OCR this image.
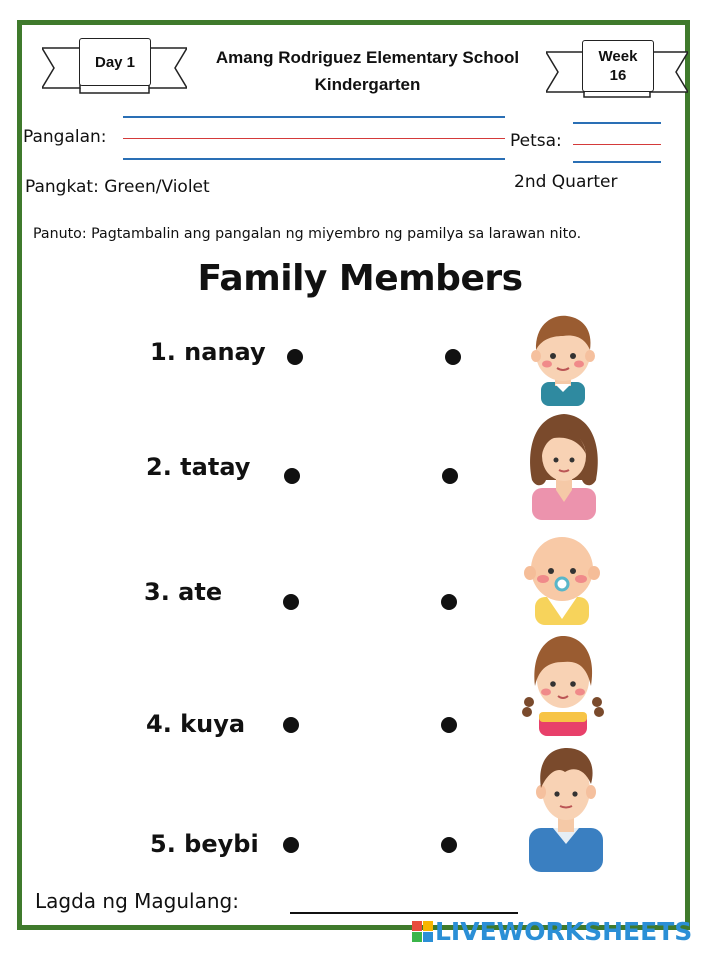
Day 1	Week
16
Amang Rodriguez Elementary School
Kindergarten
Pangalan:	Petsa:
Pangkat: Green/Violet	2nd Quarter
Panuto: Pagtambalin ang pangalan ng miyembro ng pamilya sa larawan nito.
Family Members
1. nanay
2. tatay
3. ate
4. kuya
5. beybi
Lagda ng Magulang:
LIVEWORKSHEETS
